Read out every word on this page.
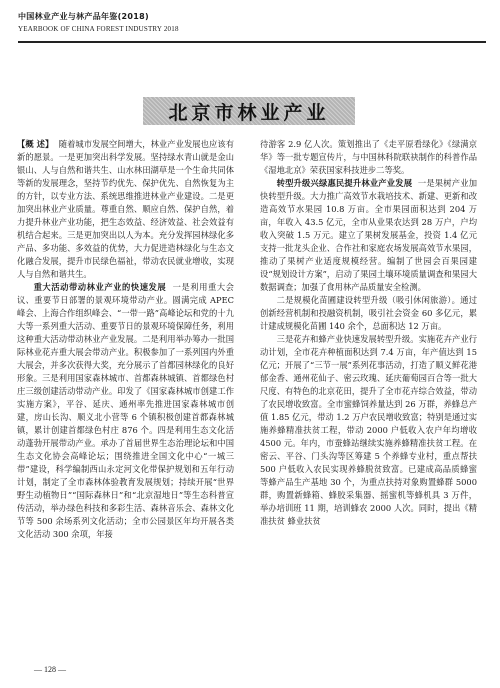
中国林业产业与林产品年鉴(2018)
YEARBOOK OF CHINA FOREST INDUSTRY 2018
北京市林业产业

【概 述】 随着城市发展空间增大，林业产业发展也应该有新的愿景。一是更加突出科学发展。坚持绿水青山就是金山银山、人与自然和谐共生、山水林田湖草是一个生命共同体等新的发展理念，坚持节约优先、保护优先、自然恢复为主的方针，以专业方法、系统思维推进林业产业建设。二是更加突出林业产业质量。尊重自然、顺应自然、保护自然，着力提升林业产业功能，把生态效益、经济效益、社会效益有机结合起来。三是更加突出以人为本。充分发挥园林绿化多产品、多功能、多效益的优势，大力促进造林绿化与生态文化融合发展，提升市民绿色福祉，带动农民就业增收，实现人与自然和谐共生。

重大活动带动林业产业的快速发展 一是利用重大会议、重要节日部署的景观环境带动产业。圆满完成 APEC 峰会、上海合作组织峰会、“一带一路”高峰论坛和党的十九大等一系列重大活动、重要节日的景观环境保障任务，利用这种重大活动带动林业产业发展。二是利用举办筹办一批国际林业花卉重大展会带动产业。积极参加了一系列国内外重大展会，并多次获得大奖，充分展示了首都园林绿化的良好形象。三是利用国家森林城市、首都森林城镇、首都绿色村庄三级创建活动带动产业。印发了《国家森林城市创建工作实施方案》，平谷、延庆、通州率先推进国家森林城市创建，房山长沟、顺义北小营等 6 个镇积极创建首都森林城镇，累计创建首都绿色村庄 876 个。四是利用生态文化活动蓬勃开展带动产业。承办了首届世界生态治理论坛和中国生态文化协会高峰论坛；围绕推进全国文化中心“一城三带”建设，科学编制西山永定河文化带保护规划和五年行动计划，制定了全市森林体验教育发展规划；持续开展“世界野生动植物日”“国际森林日”和“北京湿地日”等生态科普宣传活动，举办绿色科技和多彩生活、森林音乐会、森林文化节等 500 余场系列文化活动；全市公园景区年均开展各类文化活动 300 余项，年接

待游客 2.9 亿人次。策划推出了《走平原看绿化》《绿满京华》等一批专题宣传片，与中国林科院联袂制作的科普作品《湿地北京》荣获国家科技进步二等奖。

转型升级兴绿惠民提升林业产业发展 一是果树产业加快转型升级。大力推广高效节水栽培技术、新建、更新和改造高效节水果园 10.8 万亩。全市果园面积达到 204 万亩，年收入 43.5 亿元，全市从业果农达到 28 万户，户均收入突破 1.5 万元。建立了果树发展基金，投资 1.4 亿元支持一批龙头企业、合作社和家庭农场发展高效节水果园，推动了果树产业适度规模经营。编制了世园会百果园建设“规划设计方案”，启动了果园土壤环境质量调查和果园大数据调查；加强了食用林产品质量安全检测。

二是规模化苗圃建设转型升级（吸引休闲旅游）。通过创新经营机制和投融资机制，吸引社会资金 60 多亿元，累计建成规模化苗圃 140 余个，总面积达 12 万亩。

三是花卉和蜂产业快速发展转型升级。实施花卉产业行动计划，全市花卉种植面积达到 7.4 万亩，年产值达到 15 亿元；开展了“三节一展”系列花事活动，打造了顺义鲜花港郁金香、通州花仙子、密云玫瑰、延庆葡萄园百合等一批大尺度、有特色的北京花田，提升了全市花卉综合效益，带动了农民增收致富。全市蜜蜂饲养量达到 26 万群，养蜂总产值 1.85 亿元，带动 1.2 万户农民增收致富；特别是通过实施养蜂精准扶贫工程，带动 2000 户低收入农户年均增收 4500 元。年内，市蚕蜂站继续实施养蜂精准扶贫工程。在密云、平谷、门头沟等区筹建 5 个养蜂专业村，重点帮扶 500 户低收入农民实现养蜂脱贫致富。已建成高品质蜂蜜等蜂产品生产基地 30 个，为重点扶持对象购置蜂群 5000 群，购置新蜂箱、蜂胶采集器、摇蜜机等蜂机具 3 万件，举办培训班 11 期，培训蜂农 2000 人次。同时，提出《精准扶贫 蜂业扶贫

— 128 —
